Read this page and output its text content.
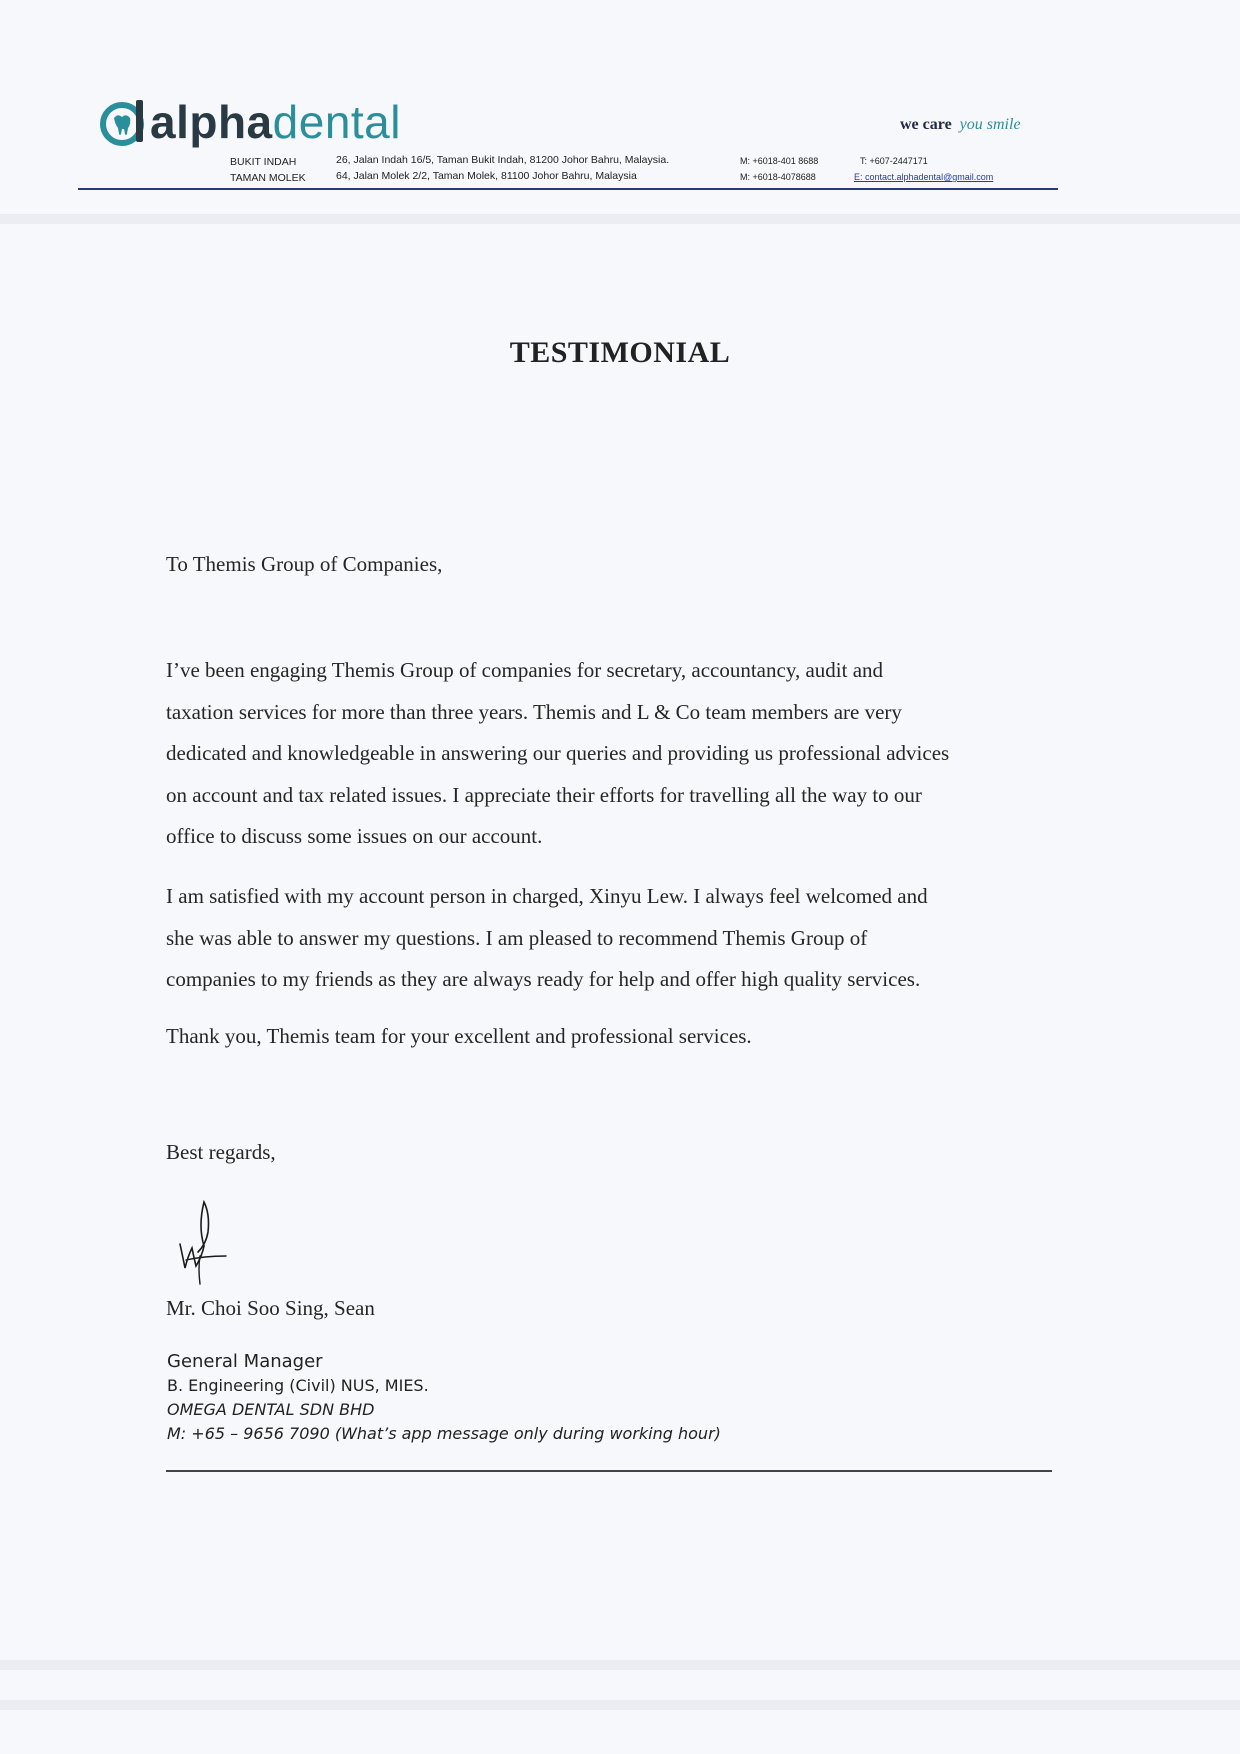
alphadental	we care you smile
BUKIT INDAH	26, Jalan Indah 16/5, Taman Bukit Indah, 81200 Johor Bahru, Malaysia.	M: +6018-401 8688	T: +607-2447171
TAMAN MOLEK	64, Jalan Molek 2/2, Taman Molek, 81100 Johor Bahru, Malaysia	M: +6018-4078688	E: contact.alphadental@gmail.com
TESTIMONIAL
To Themis Group of Companies,
I’ve been engaging Themis Group of companies for secretary, accountancy, audit and
taxation services for more than three years. Themis and L & Co team members are very
dedicated and knowledgeable in answering our queries and providing us professional advices
on account and tax related issues. I appreciate their efforts for travelling all the way to our
office to discuss some issues on our account.
I am satisfied with my account person in charged, Xinyu Lew. I always feel welcomed and
she was able to answer my questions. I am pleased to recommend Themis Group of
companies to my friends as they are always ready for help and offer high quality services.
Thank you, Themis team for your excellent and professional services.
Best regards,
Mr. Choi Soo Sing, Sean
General Manager
B. Engineering (Civil) NUS, MIES.
OMEGA DENTAL SDN BHD
M: +65 – 9656 7090 (What’s app message only during working hour)
